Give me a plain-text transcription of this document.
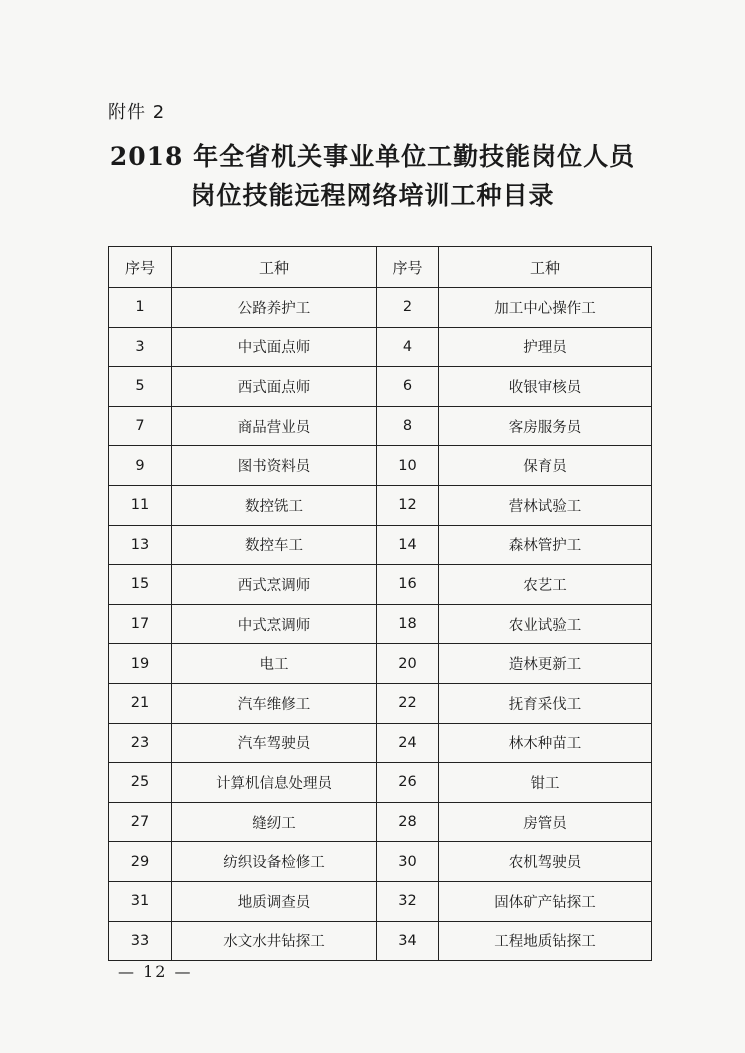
附件 2
2018 年全省机关事业单位工勤技能岗位人员
岗位技能远程网络培训工种目录
序号	工种	序号	工种
1	公路养护工	2	加工中心操作工
3	中式面点师	4	护理员
5	西式面点师	6	收银审核员
7	商品营业员	8	客房服务员
9	图书资料员	10	保育员
11	数控铣工	12	营林试验工
13	数控车工	14	森林管护工
15	西式烹调师	16	农艺工
17	中式烹调师	18	农业试验工
19	电工	20	造林更新工
21	汽车维修工	22	抚育采伐工
23	汽车驾驶员	24	林木种苗工
25	计算机信息处理员	26	钳工
27	缝纫工	28	房管员
29	纺织设备检修工	30	农机驾驶员
31	地质调查员	32	固体矿产钻探工
33	水文水井钻探工	34	工程地质钻探工
— 12 —
